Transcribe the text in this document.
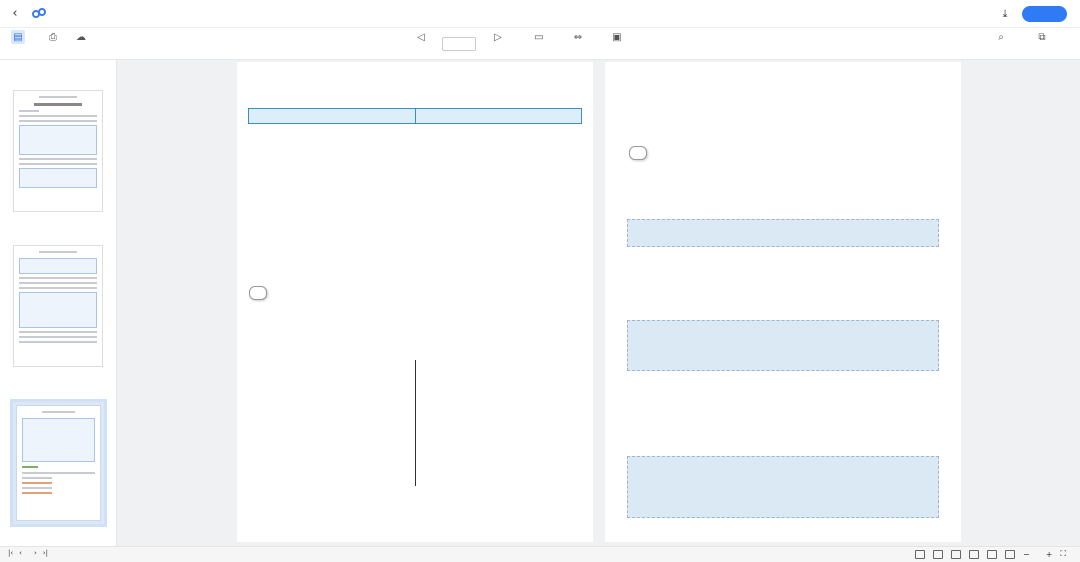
‹	⤓
▤	⎙	☁	◁

	▷	▭	⇔	▣	⌕	⧉

|‹ ‹ › ›|	− + ⛶
